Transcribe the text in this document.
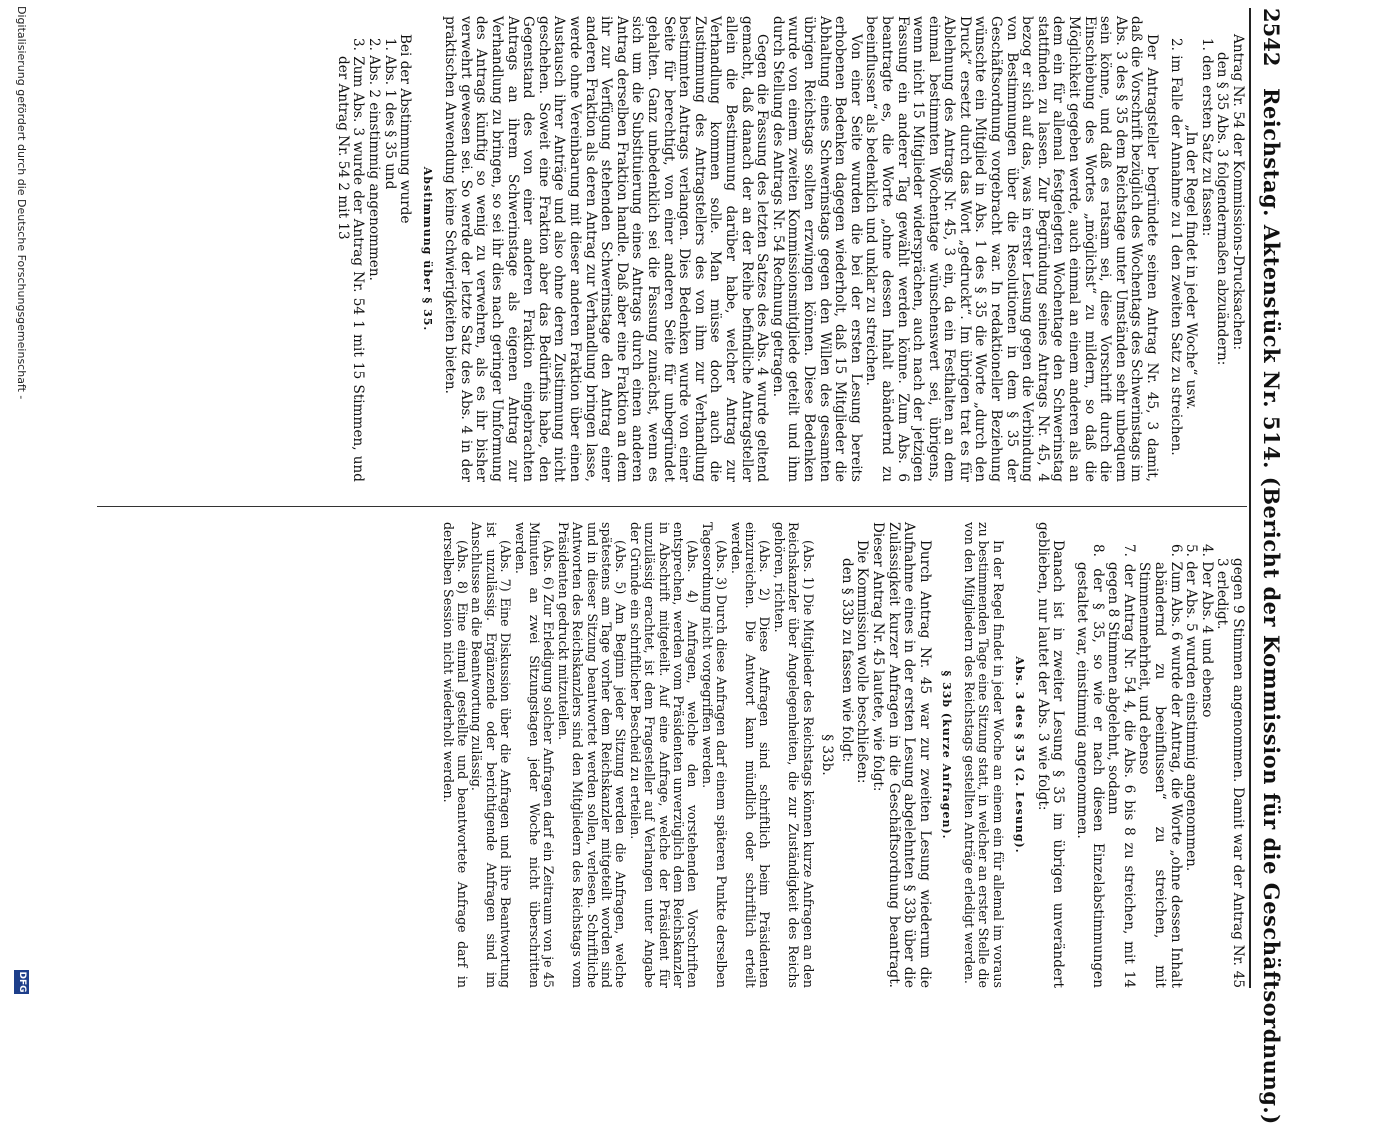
2542
Reichstag. Aktenstück Nr. 514. (Bericht der Kommission für die Geschäftsordnung.)

Antrag Nr. 54 der Kommissions-Drucksachen:

den § 35 Abs. 3 folgendermaßen abzuändern:

1. den ersten Satz zu fassen:

„In der Regel findet in jeder Woche“ usw.

2. im Falle der Annahme zu 1 den zweiten Satz zu streichen.

Der Antragsteller begründete seinen Antrag Nr. 45, 3 damit, daß die Vorschrift bezüglich des Wochentags des Schwerinstags im Abs. 3 des § 35 dem Reichstage unter Umständen sehr unbequem sein könne, und daß es ratsam sei, diese Vorschrift durch die Einschiebung des Wortes „möglichst“ zu mildern, so daß die Möglichkeit gegeben werde, auch einmal an einem anderen als an dem ein für allemal festgelegten Wochentage den Schwerinstag stattfinden zu lassen. Zur Begründung seines Antrags Nr. 45, 4 bezog er sich auf das, was in erster Lesung gegen die Verbindung von Bestimmungen über die Resolutionen in dem § 35 der Geschäftsordnung vorgebracht war. In redaktioneller Beziehung wünschte ein Mitglied in Abs. 1 des § 35 die Worte „durch den Druck“ ersetzt durch das Wort „gedruckt“. Im übrigen trat es für Ablehnung des Antrags Nr. 45, 3 ein, da ein Festhalten an dem einmal bestimmten Wochentage wünschenswert sei, übrigens, wenn nicht 15 Mitglieder widersprächen, auch nach der jetzigen Fassung ein anderer Tag gewählt werden könne. Zum Abs. 6 beantragte es, die Worte „ohne dessen Inhalt abändernd zu beeinflussen“ als bedenklich und unklar zu streichen.

Von einer Seite wurden die bei der ersten Lesung bereits erhobenen Bedenken dagegen wiederholt, daß 15 Mitglieder die Abhaltung eines Schwerinstags gegen den Willen des gesamten übrigen Reichstags sollten erzwingen können. Diese Bedenken wurde von einem zweiten Kommissionsmitgliede geteilt und ihm durch Stellung des Antrags Nr. 54 Rechnung getragen.

Gegen die Fassung des letzten Satzes des Abs. 4 wurde geltend gemacht, daß danach der an der Reihe befindliche Antragsteller allein die Bestimmung darüber habe, welcher Antrag zur Verhandlung kommen solle. Man müsse doch auch die Zustimmung des Antragstellers des von ihm zur Verhandlung bestimmten Antrags verlangen. Dies Bedenken wurde von einer Seite für berechtigt, von einer anderen Seite für unbegründet gehalten. Ganz unbedenklich sei die Fassung zunächst, wenn es sich um die Substituierung eines Antrags durch einen anderen Antrag derselben Fraktion handle. Daß aber eine Fraktion an dem ihr zur Verfügung stehenden Schwerinstage den Antrag einer anderen Fraktion als deren Antrag zur Verhandlung bringen lasse, werde ohne Vereinbarung mit dieser anderen Fraktion über einen Austausch ihrer Anträge und also ohne deren Zustimmung nicht geschehen. Soweit eine Fraktion aber das Bedürfnis habe, den Gegenstand des von einer anderen Fraktion eingebrachten Antrags an ihrem Schwerinstage als eigenen Antrag zur Verhandlung zu bringen, so sei ihr dies nach geringer Umformung des Antrags künftig so wenig zu verwehren, als es ihr bisher verwehrt gewesen sei. So werde der letzte Satz des Abs. 4 in der praktischen Anwendung keine Schwierigkeiten bieten.

Abstimmung über § 35.

Bei der Abstimmung wurde

1. Abs. 1 des § 35 und

2. Abs. 2 einstimmig angenommen.

3. Zum Abs. 3 wurde der Antrag Nr. 54 1 mit 15 Stimmen, und der Antrag Nr. 54 2 mit 13

gegen 9 Stimmen angenommen. Damit war der Antrag Nr. 45 3 erledigt.

4. Der Abs. 4 und ebenso

5. der Abs. 5 wurden einstimmig angenommen.

6. Zum Abs. 6 wurde der Antrag, die Worte „ohne dessen Inhalt abändernd zu beeinflussen“ zu streichen, mit Stimmenmehrheit, und ebenso

7. der Antrag Nr. 54 4, die Abs. 6 bis 8 zu streichen, mit 14 gegen 8 Stimmen abgelehnt, sodann

8. der § 35, so wie er nach diesen Einzelabstimmungen gestaltet war, einstimmig angenommen.

Danach ist in zweiter Lesung § 35 im übrigen unverändert geblieben, nur lautet der Abs. 3 wie folgt:

Abs. 3 des § 35 (2. Lesung).

In der Regel findet in jeder Woche an einem ein für allemal im voraus zu bestimmenden Tage eine Sitzung statt, in welcher an erster Stelle die von den Mitgliedern des Reichstags gestellten Anträge erledigt werden.

§ 33b (kurze Anfragen).

Durch Antrag Nr. 45 war zur zweiten Lesung wiederum die Aufnahme eines in der ersten Lesung abgelehnten § 33b über die Zulässigkeit kurzer Anfragen in die Geschäftsordnung beantragt. Dieser Antrag Nr. 45 lautete, wie folgt:

Die Kommission wolle beschließen:

den § 33b zu fassen wie folgt:

§ 33b.

(Abs. 1) Die Mitglieder des Reichstags können kurze Anfragen an den Reichskanzler über Angelegenheiten, die zur Zuständigkeit des Reichs gehören, richten.

(Abs. 2) Diese Anfragen sind schriftlich beim Präsidenten einzureichen. Die Antwort kann mündlich oder schriftlich erteilt werden.

(Abs. 3) Durch diese Anfragen darf einem späteren Punkte derselben Tagesordnung nicht vorgegriffen werden.

(Abs. 4) Anfragen, welche den vorstehenden Vorschriften entsprechen, werden vom Präsidenten unverzüglich dem Reichskanzler in Abschrift mitgeteilt. Auf eine Anfrage, welche der Präsident für unzulässig erachtet, ist dem Fragesteller auf Verlangen unter Angabe der Gründe ein schriftlicher Bescheid zu erteilen.

(Abs. 5) Am Beginn jeder Sitzung werden die Anfragen, welche spätestens am Tage vorher dem Reichskanzler mitgeteilt worden sind und in dieser Sitzung beantwortet werden sollen, verlesen. Schriftliche Antworten des Reichskanzlers sind den Mitgliedern des Reichstags vom Präsidenten gedruckt mitzuteilen.

(Abs. 6) Zur Erledigung solcher Anfragen darf ein Zeitraum von je 45 Minuten an zwei Sitzungstagen jeder Woche nicht überschritten werden.

(Abs. 7) Eine Diskussion über die Anfragen und ihre Beantwortung ist unzulässig. Ergänzende oder berichtigende Anfragen sind im Anschlusse an die Beantwortung zulässig.

(Abs. 8) Eine einmal gestellte und beantwortete Anfrage darf in derselben Session nicht wiederholt werden.

Digitalisierung gefördert durch die Deutsche Forschungsgemeinschaft -
DFG
